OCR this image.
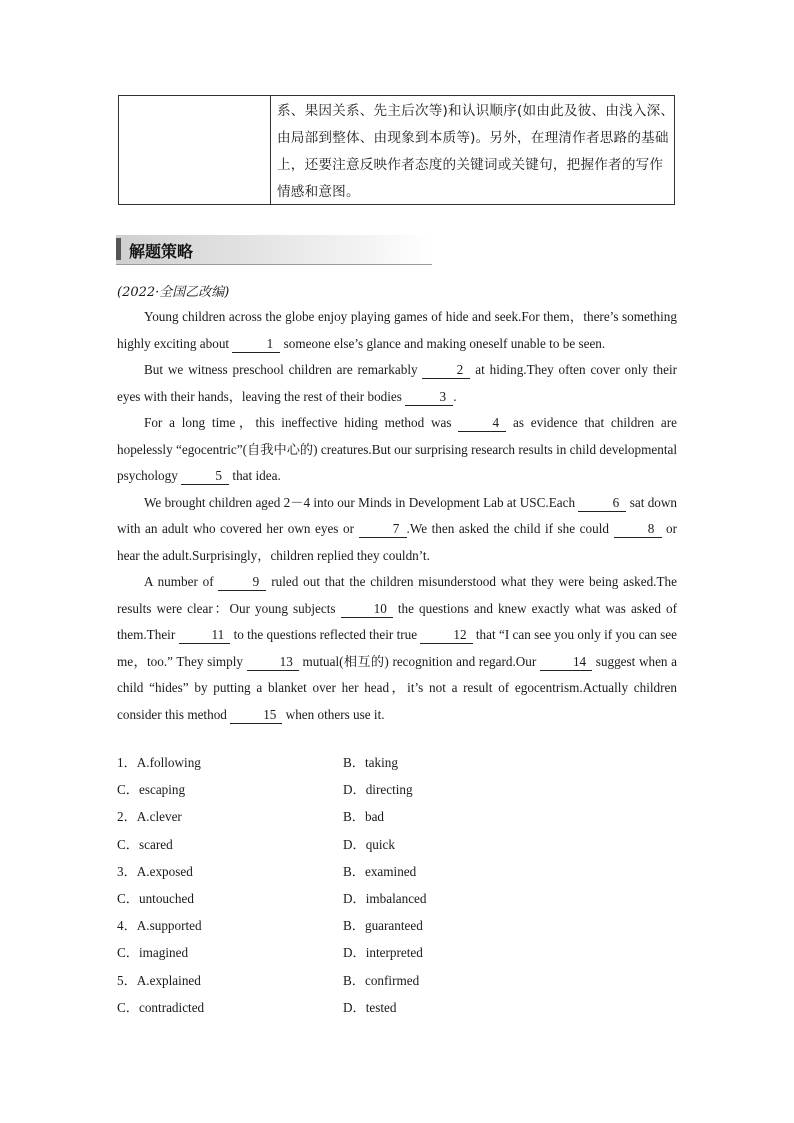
系、果因关系、先主后次等)和认识顺序(如由此及彼、由浅入深、
由局部到整体、由现象到本质等)。另外，在理清作者思路的基础
上，还要注意反映作者态度的关键词或关键句，把握作者的写作
情感和意图。
解题策略
(2022·全国乙改编)

Young children across the globe enjoy playing games of hide and seek.For them，there’s something highly exciting about	1 someone else’s glance and making oneself unable to be seen.

But we witness preschool children are remarkably	2 at hiding.They often cover only their eyes with their hands，leaving the rest of their bodies	3 .

For a long time，this ineffective hiding method was	4 as evidence that children are hopelessly “egocentric”(自我中心的) creatures.But our surprising research results in child developmental psychology	5 that idea.

We brought children aged 2－4 into our Minds in Development Lab at USC.Each	6 sat down with an adult who covered her own eyes or	7 .We then asked the child if she could	8 or hear the adult.Surprisingly，children replied they couldn’t.

A number of	9 ruled out that the children misunderstood what they were being asked.The results were clear：Our young subjects	10 the questions and knew exactly what was asked of them.Their	11 to the questions reflected their true	12 that “I can see you only if you can see me，too.” They simply	13 mutual(相互的) recognition and regard.Our	14 suggest when a child “hides” by putting a blanket over her head，it’s not a result of egocentrism.Actually children consider this method	15 when others use it.

1．A.following	B．taking
C．escaping	D．directing
2．A.clever	B．bad
C．scared	D．quick
3．A.exposed	B．examined
C．untouched	D．imbalanced
4．A.supported	B．guaranteed
C．imagined	D．interpreted
5．A.explained	B．confirmed
C．contradicted	D．tested
